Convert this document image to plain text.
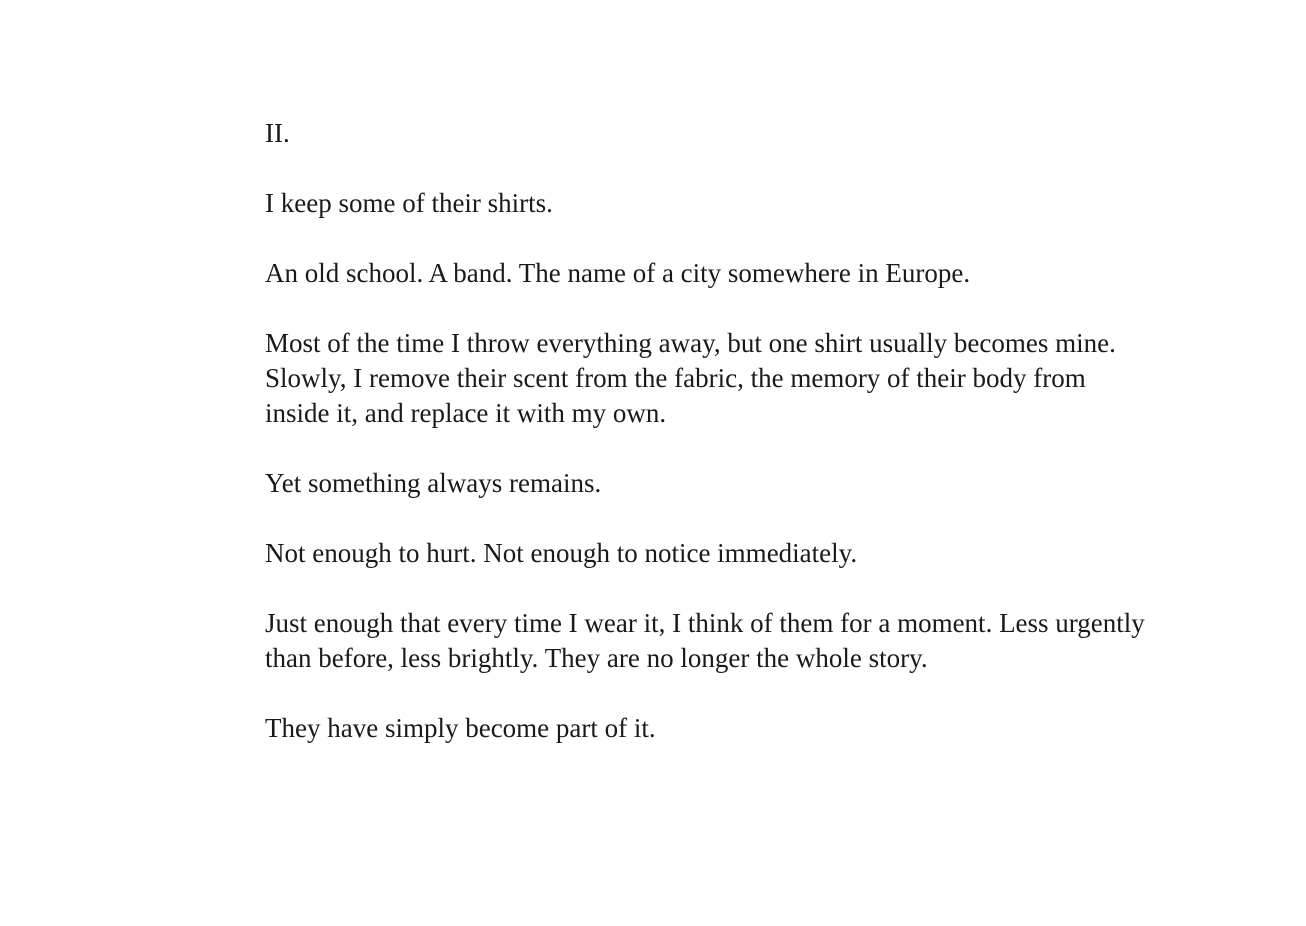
II.

I keep some of their shirts.

An old school. A band. The name of a city somewhere in Europe.

Most of the time I throw everything away, but one shirt usually becomes mine. Slowly, I remove their scent from the fabric, the memory of their body from inside it, and replace it with my own.

Yet something always remains.

Not enough to hurt. Not enough to notice immediately.

Just enough that every time I wear it, I think of them for a moment. Less urgently than before, less brightly. They are no longer the whole story.

They have simply become part of it.
